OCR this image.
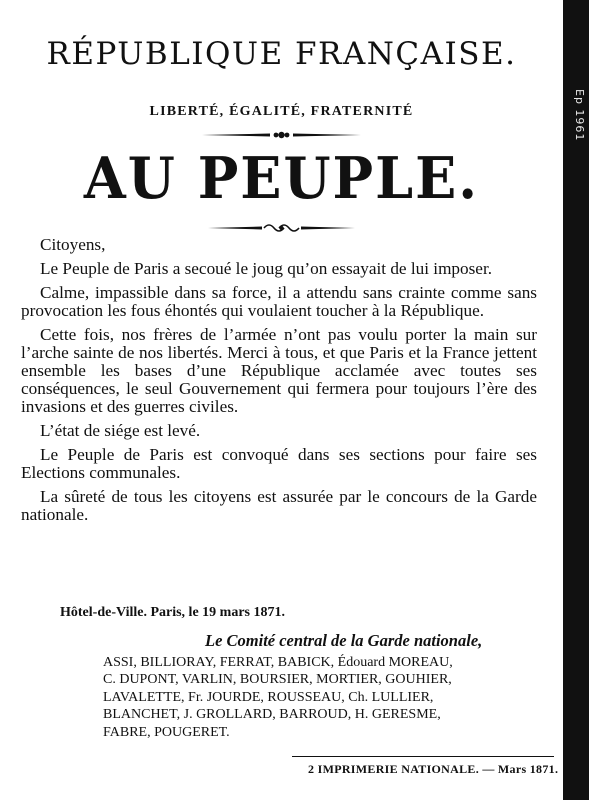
Ep 1961
RÉPUBLIQUE FRANÇAISE.
LIBERTÉ, ÉGALITÉ, FRATERNITÉ
AU PEUPLE.
Citoyens,
Le Peuple de Paris a secoué le joug qu’on essayait de lui imposer.
Calme, impassible dans sa force, il a attendu sans crainte comme sans provocation les fous éhontés qui voulaient toucher à la République.
Cette fois, nos frères de l’armée n’ont pas voulu porter la main sur l’arche sainte de nos libertés. Merci à tous, et que Paris et la France jettent ensemble les bases d’une République acclamée avec toutes ses conséquences, le seul Gouvernement qui fermera pour toujours l’ère des invasions et des guerres civiles.
L’état de siége est levé.
Le Peuple de Paris est convoqué dans ses sections pour faire ses Elections communales.
La sûreté de tous les citoyens est assurée par le concours de la Garde nationale.
Hôtel-de-Ville. Paris, le 19 mars 1871.
Le Comité central de la Garde nationale,
ASSI, BILLIORAY, FERRAT, BABICK, Édouard MOREAU,
C. DUPONT, VARLIN, BOURSIER, MORTIER, GOUHIER,
LAVALETTE, Fr. JOURDE, ROUSSEAU, Ch. LULLIER,
BLANCHET, J. GROLLARD, BARROUD, H. GERESME,
FABRE, POUGERET.
2 IMPRIMERIE NATIONALE. — Mars 1871.
